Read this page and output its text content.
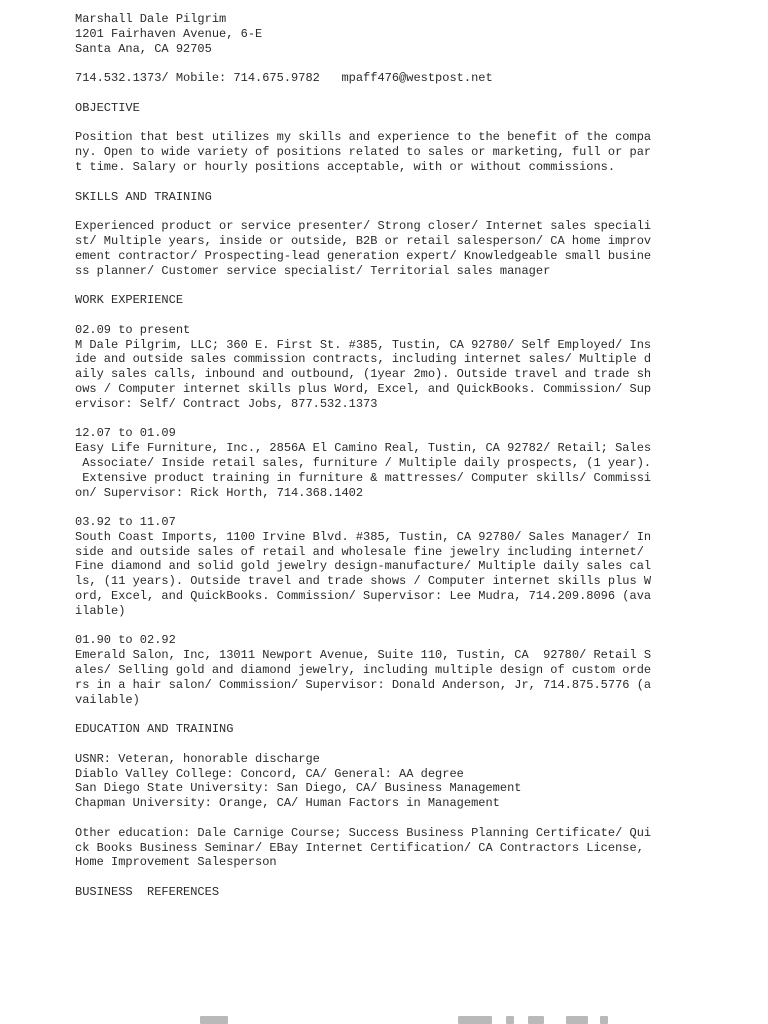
Marshall Dale Pilgrim
1201 Fairhaven Avenue, 6-E
Santa Ana, CA 92705
714.532.1373/ Mobile: 714.675.9782   mpaff476@westpost.net
OBJECTIVE
Position that best utilizes my skills and experience to the benefit of the compa
ny. Open to wide variety of positions related to sales or marketing, full or par
t time. Salary or hourly positions acceptable, with or without commissions.
SKILLS AND TRAINING
Experienced product or service presenter/ Strong closer/ Internet sales speciali
st/ Multiple years, inside or outside, B2B or retail salesperson/ CA home improv
ement contractor/ Prospecting-lead generation expert/ Knowledgeable small busine
ss planner/ Customer service specialist/ Territorial sales manager
WORK EXPERIENCE
02.09 to present
M Dale Pilgrim, LLC; 360 E. First St. #385, Tustin, CA 92780/ Self Employed/ Ins
ide and outside sales commission contracts, including internet sales/ Multiple d
aily sales calls, inbound and outbound, (1year 2mo). Outside travel and trade sh
ows / Computer internet skills plus Word, Excel, and QuickBooks. Commission/ Sup
ervisor: Self/ Contract Jobs, 877.532.1373
12.07 to 01.09
Easy Life Furniture, Inc., 2856A El Camino Real, Tustin, CA 92782/ Retail; Sales
Associate/ Inside retail sales, furniture / Multiple daily prospects, (1 year).
Extensive product training in furniture & mattresses/ Computer skills/ Commissi
on/ Supervisor: Rick Horth, 714.368.1402
03.92 to 11.07
South Coast Imports, 1100 Irvine Blvd. #385, Tustin, CA 92780/ Sales Manager/ In
side and outside sales of retail and wholesale fine jewelry including internet/
Fine diamond and solid gold jewelry design-manufacture/ Multiple daily sales cal
ls, (11 years). Outside travel and trade shows / Computer internet skills plus W
ord, Excel, and QuickBooks. Commission/ Supervisor: Lee Mudra, 714.209.8096 (ava
ilable)
01.90 to 02.92
Emerald Salon, Inc, 13011 Newport Avenue, Suite 110, Tustin, CA  92780/ Retail S
ales/ Selling gold and diamond jewelry, including multiple design of custom orde
rs in a hair salon/ Commission/ Supervisor: Donald Anderson, Jr, 714.875.5776 (a
vailable)
EDUCATION AND TRAINING
USNR: Veteran, honorable discharge
Diablo Valley College: Concord, CA/ General: AA degree
San Diego State University: San Diego, CA/ Business Management
Chapman University: Orange, CA/ Human Factors in Management
Other education: Dale Carnige Course; Success Business Planning Certificate/ Qui
ck Books Business Seminar/ EBay Internet Certification/ CA Contractors License,
Home Improvement Salesperson
BUSINESS  REFERENCES
